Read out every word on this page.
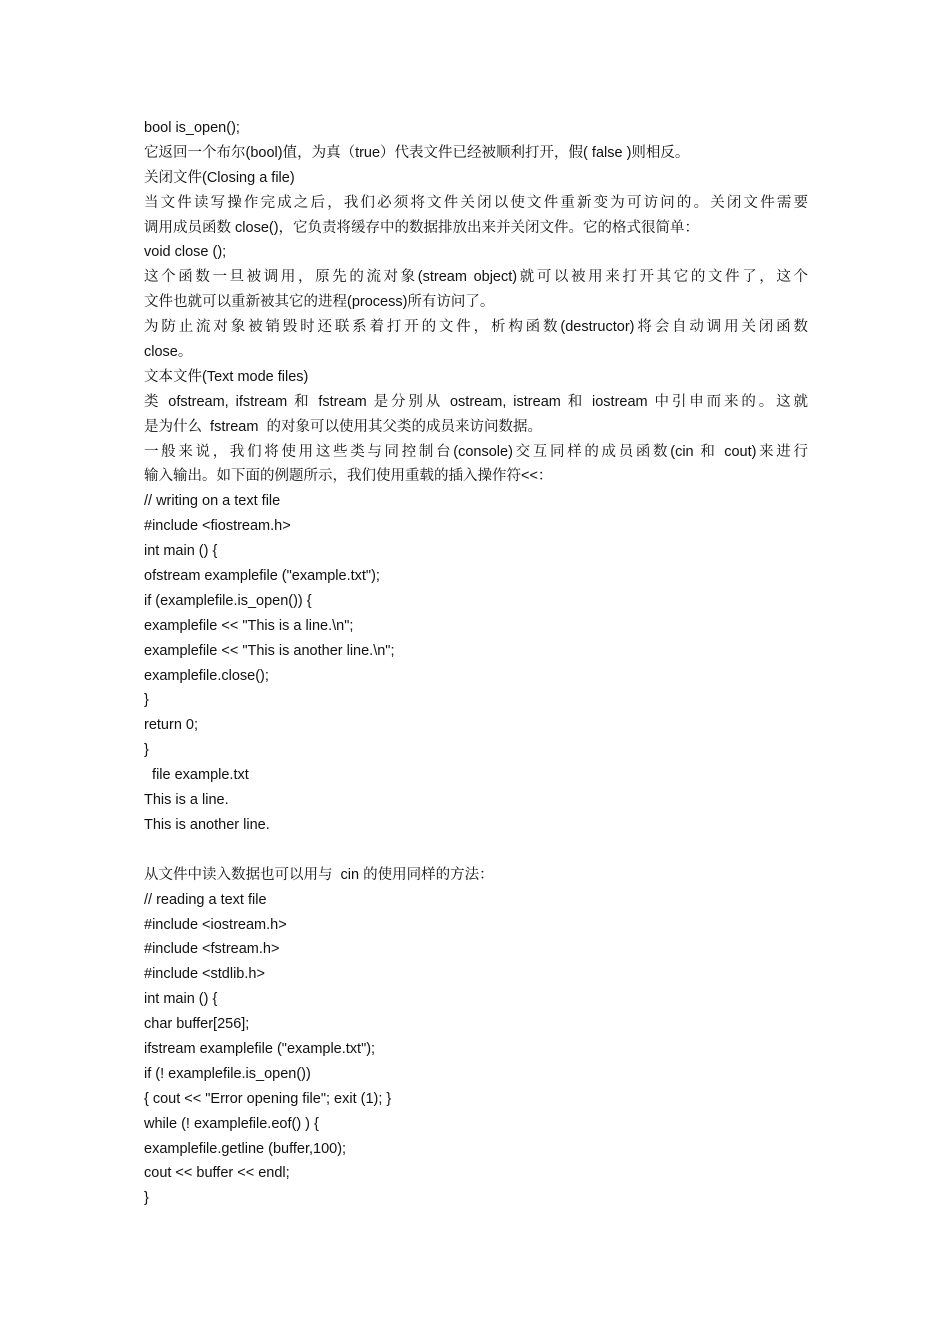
bool is_open();
它返回一个布尔(bool)值，为真（true）代表文件已经被顺利打开，假( false )则相反。
关闭文件(Closing a file)
当文件读写操作完成之后，我们必须将文件关闭以使文件重新变为可访问的。关闭文件需要
调用成员函数 close()，它负责将缓存中的数据排放出来并关闭文件。它的格式很简单：
void close ();
这个函数一旦被调用，原先的流对象(stream object)就可以被用来打开其它的文件了，这个
文件也就可以重新被其它的进程(process)所有访问了。
为防止流对象被销毁时还联系着打开的文件，析构函数(destructor)将会自动调用关闭函数
close。
文本文件(Text mode files)
类 ofstream, ifstream 和 fstream 是分别从 ostream, istream 和 iostream 中引申而来的。这就
是为什么  fstream  的对象可以使用其父类的成员来访问数据。
一般来说，我们将使用这些类与同控制台(console)交互同样的成员函数(cin 和 cout)来进行
输入输出。如下面的例题所示，我们使用重载的插入操作符<<：
// writing on a text file
#include <fiostream.h>
int main () {
ofstream examplefile ("example.txt");
if (examplefile.is_open()) {
examplefile << "This is a line.\n";
examplefile << "This is another line.\n";
examplefile.close();
}
return 0;
}
file example.txt
This is a line.
This is another line.
从文件中读入数据也可以用与  cin 的使用同样的方法：
// reading a text file
#include <iostream.h>
#include <fstream.h>
#include <stdlib.h>
int main () {
char buffer[256];
ifstream examplefile ("example.txt");
if (! examplefile.is_open())
{ cout << "Error opening file"; exit (1); }
while (! examplefile.eof() ) {
examplefile.getline (buffer,100);
cout << buffer << endl;
}
